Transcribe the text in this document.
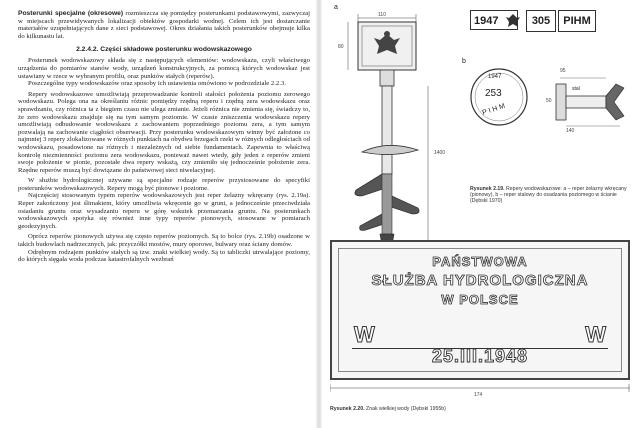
Posterunki specjalne (okresowe) rozmieszcza się pomiędzy posterunkami podstawowymi, zazwyczaj w miejscach przewidywanych lokalizacji obiektów gospodarki wodnej. Celem ich jest dostarczanie materiałów uzupełniających dane z sieci podstawowej. Okres działania takich posterunków obejmuje kilka do kilkunastu lat.

2.2.4.2. Części składowe posterunku wodowskazowego

Posterunek wodowskazowy składa się z następujących elementów: wodowskazu, czyli właściwego urządzenia do pomiarów stanów wody, urządzeń konstrukcyjnych, za pomocą których wodowskaz jest ustawiany w rzece w wybranym profilu, oraz punktów stałych (reperów).

Poszczególne typy wodowskazów oraz sposoby ich ustawienia omówiono w podrozdziale 2.2.3.

Repery wodowskazowe umożliwiają przeprowadzanie kontroli stałości położenia poziomu zerowego wodowskazu. Polega ona na określaniu różnic pomiędzy rzędną reperu i rzędną zera wodowskazu oraz sprawdzaniu, czy różnica ta z biegiem czasu nie ulega zmianie. Jeżeli różnica nie zmienia się, świadczy to, że zero wodowskazu znajduje się na tym samym poziomie. W czasie zniszczenia wodowskazu repery umożliwiają odbudowanie wodowskazu z zachowaniem poprzedniego poziomu zera, a tym samym pozwalają na zachowanie ciągłości obserwacji. Przy posterunku wodowskazowym winny być założone co najmniej 3 repery zlokalizowane w różnych punktach na obydwu brzegach rzeki w różnych odległościach od wodowskazu, posadowione na różnych i niezależnych od siebie fundamentach. Zapewnia to właściwą kontrolę niezmienności poziomu zera wodowskazu, ponieważ nawet wtedy, gdy jeden z reperów zmieni swoje położenie w pionie, pozostałe dwa repery wskażą, czy zmieniło się jednocześnie położenie zera. Rzędne reperów muszą być dowiązane do państwowej sieci niwelacyjnej.

W służbie hydrologicznej używane są specjalne rodzaje reperów przystosowane do specyfiki posterunków wodowskazowych. Repery mogą być pionowe i poziome.

Najczęściej stosowanym typem reperów wodowskazowych jest reper żelazny wkręcany (rys. 2.19a). Reper zakończony jest ślimakiem, który umożliwia wkręcenie go w grunt, a jednocześnie przeciwdziała osiadaniu gruntu oraz wysadzaniu reperu w górę wskutek przemarzania gruntu. Na posterunkach wodowskazowych spotyka się również inne typy reperów pionowych, stosowane w pomiarach geodezyjnych.

Oprócz reperów pionowych używa się często reperów poziomych. Są to bolce (rys. 2.19b) osadzone w takich budowlach nadrzecznych, jak: przyczółki mostów, mury oporowe, bulwary oraz ściany domów.

Odrębnym rodzajem punktów stałych są tzw. znaki wielkiej wody. Są to tabliczki utrwalające poziomy, do których sięgała woda podczas katastrofalnych wezbrań

a
110
80
1400
1947	305	PIHM
b
1947
253
PIHM
95
50
140
stal
Rysunek 2.19. Repery wodowskazowe: a – reper żelazny wkręcany (pionowy), b – reper stalowy do osadzania poziomego w ścianie (Dębski 1970)
PAŃSTWOWA
SŁUŻBA HYDROLOGICZNA
W POLSCE
W	W
25.III.1948
174
Rysunek 2.20. Znak wielkiej wody (Dębski 1955b)
